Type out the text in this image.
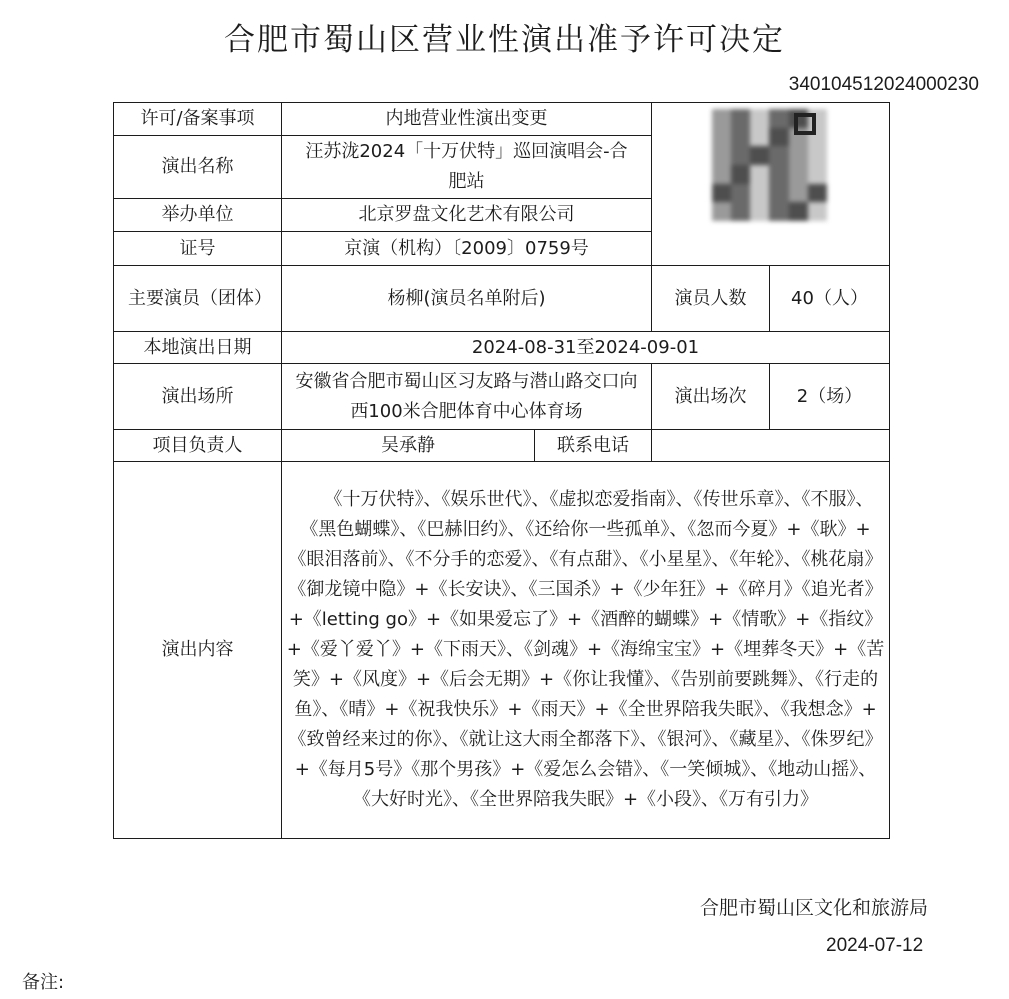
合肥市蜀山区营业性演出准予许可决定
340104512024000230
许可/备案事项	内地营业性演出变更			

演出名称	汪苏泷2024「十万伏特」巡回演唱会-合肥站			
举办单位	北京罗盘文化艺术有限公司			
证号	京演（机构）〔2009〕0759号			
主要演员（团体）	杨柳(演员名单附后)		演员人数	40（人）
本地演出日期	2024-08-31至2024-09-01			
演出场所	安徽省合肥市蜀山区习友路与潜山路交口向西100米合肥体育中心体育场		演出场次	2（场）
项目负责人	吴承静	联系电话		
演出内容	　　《十万伏特》、《娱乐世代》、《虚拟恋爱指南》、《传世乐章》、《不服》、《黑色蝴蝶》、《巴赫旧约》、《还给你一些孤单》、《忽而今夏》+《耿》+《眼泪落前》、《不分手的恋爱》、《有点甜》、《小星星》、《年轮》、《桃花扇》《御龙镜中隐》+《长安诀》、《三国杀》+《少年狂》+《碎月》《追光者》+《letting go》+《如果爱忘了》+《酒醉的蝴蝶》+《情歌》+《指纹》+《爱丫爱丫》+《下雨天》、《剑魂》+《海绵宝宝》+《埋葬冬天》+《苦笑》+《风度》+《后会无期》+《你让我懂》、《告别前要跳舞》、《行走的鱼》、《晴》+《祝我快乐》+《雨天》+《全世界陪我失眠》、《我想念》+《致曾经来过的你》、《就让这大雨全都落下》、《银河》、《藏星》、《侏罗纪》+《每月5号》《那个男孩》+《爱怎么会错》、《一笑倾城》、《地动山摇》、《大好时光》、《全世界陪我失眠》+《小段》、《万有引力》			
合肥市蜀山区文化和旅游局
2024-07-12
备注:
